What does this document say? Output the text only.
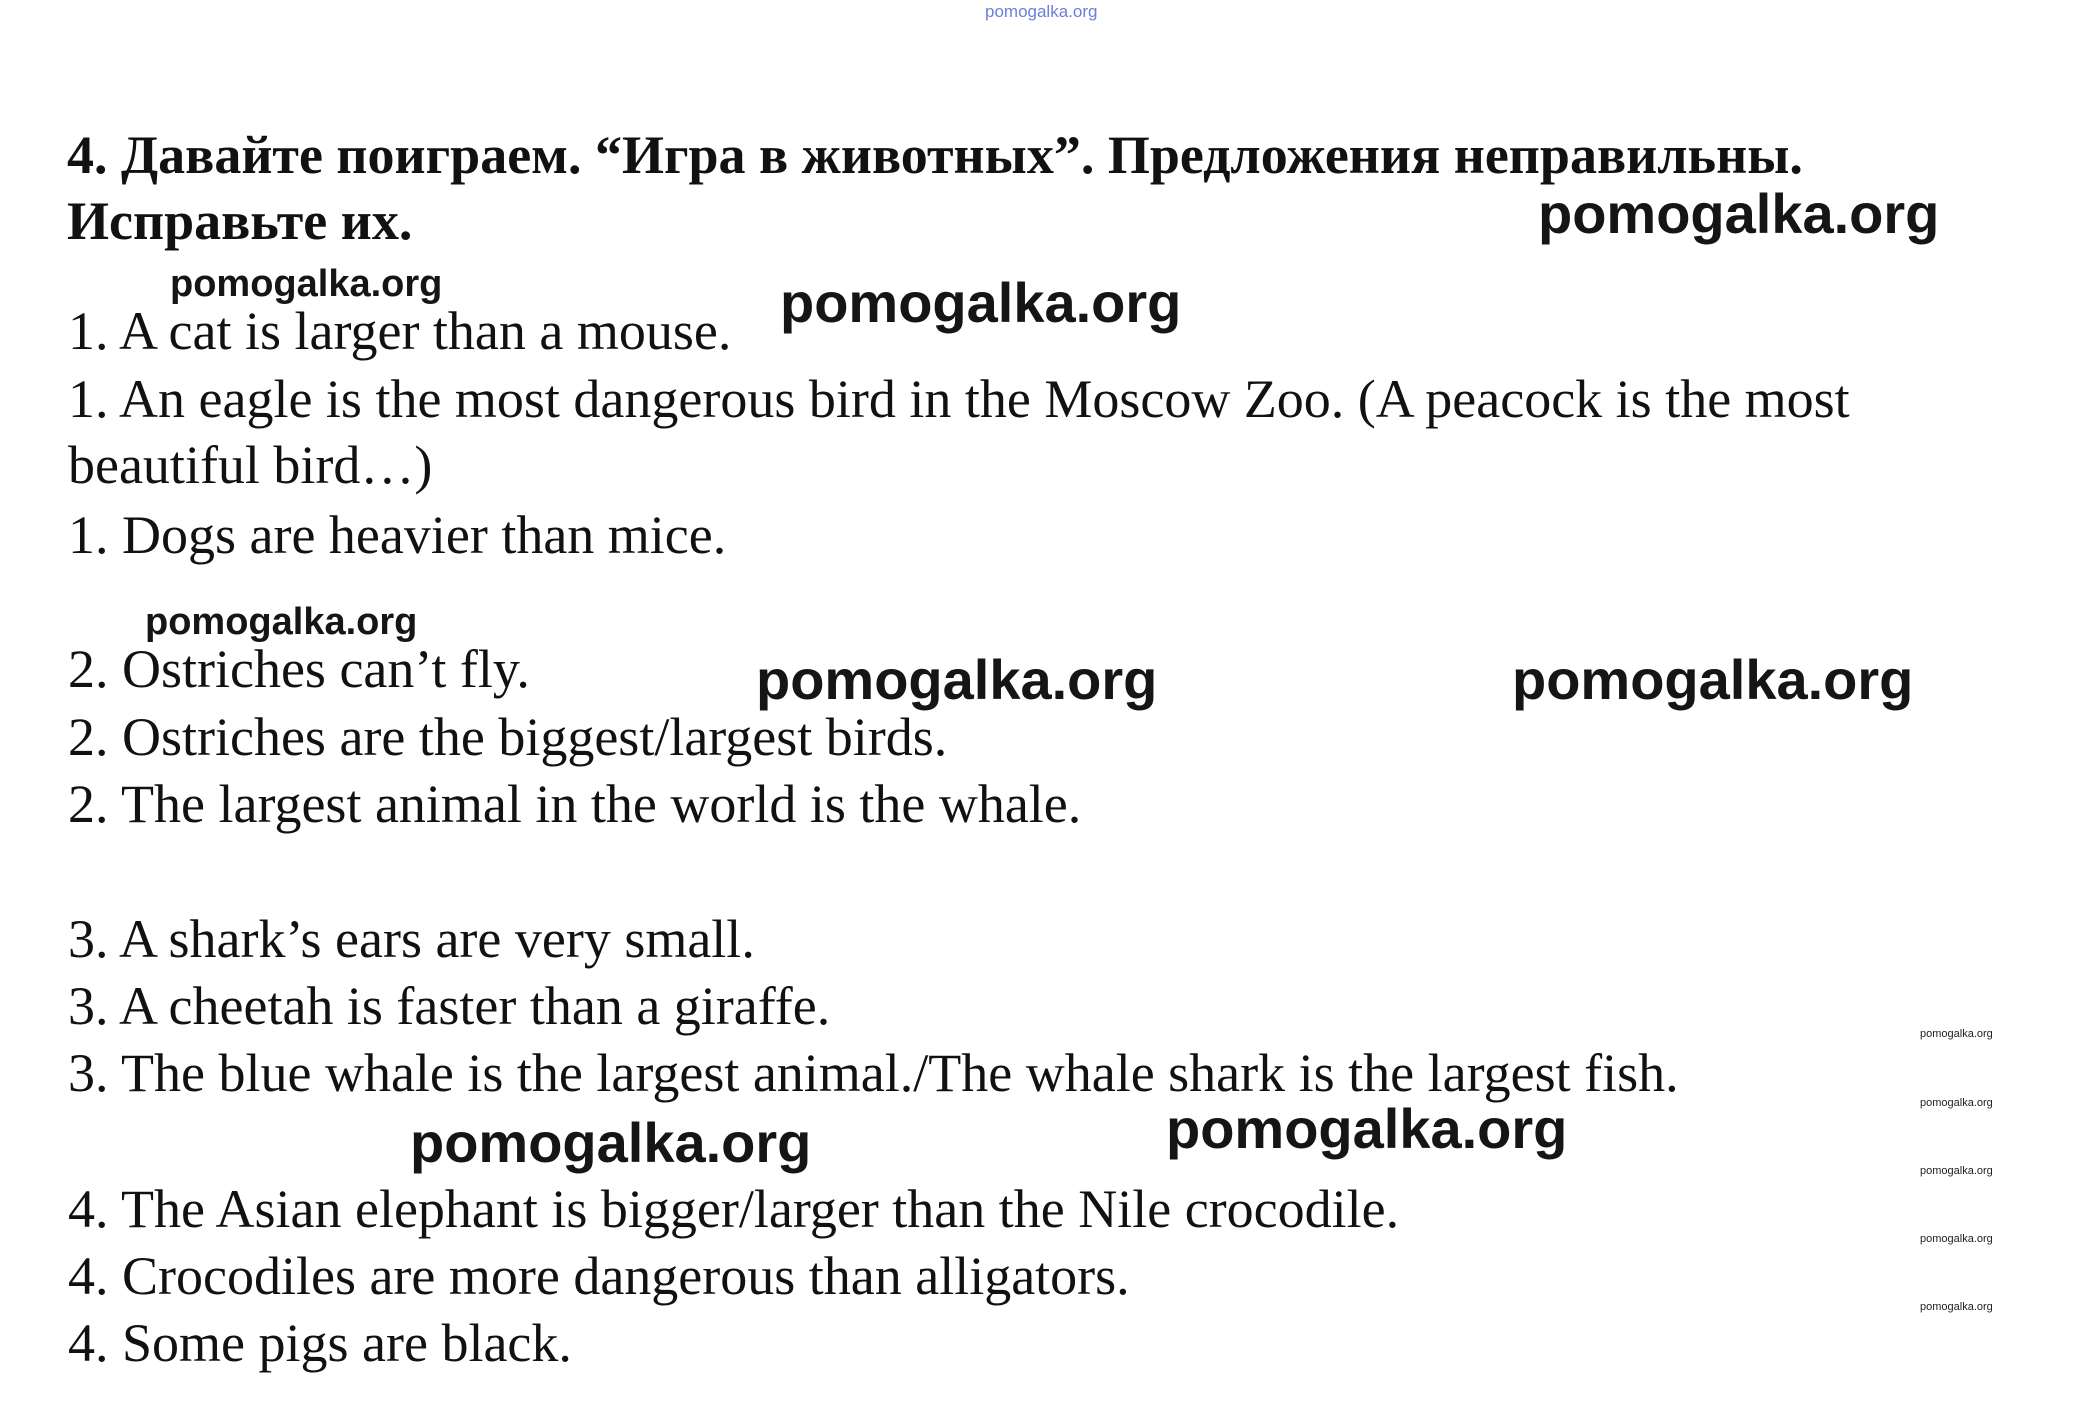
pomogalka.org
4. Давайте поиграем. “Игра в животных”. Предложения неправильны. Исправьте их.
1. A cat is larger than a mouse.
1. An eagle is the most dangerous bird in the Moscow Zoo. (A peacock is the most beautiful bird…)
1. Dogs are heavier than mice.
2. Ostriches can’t fly.
2. Ostriches are the biggest/largest birds.
2. The largest animal in the world is the whale.
3. A shark’s ears are very small.
3. A cheetah is faster than a giraffe.
3. The blue whale is the largest animal./The whale shark is the largest fish.
4. The Asian elephant is bigger/larger than the Nile crocodile.
4. Crocodiles are more dangerous than alligators.
4. Some pigs are black.
pomogalka.org
pomogalka.org	pomogalka.org
pomogalka.org
pomogalka.org	pomogalka.org
pomogalka.org
pomogalka.org
pomogalka.org
pomogalka.org
pomogalka.org
pomogalka.org
pomogalka.org
